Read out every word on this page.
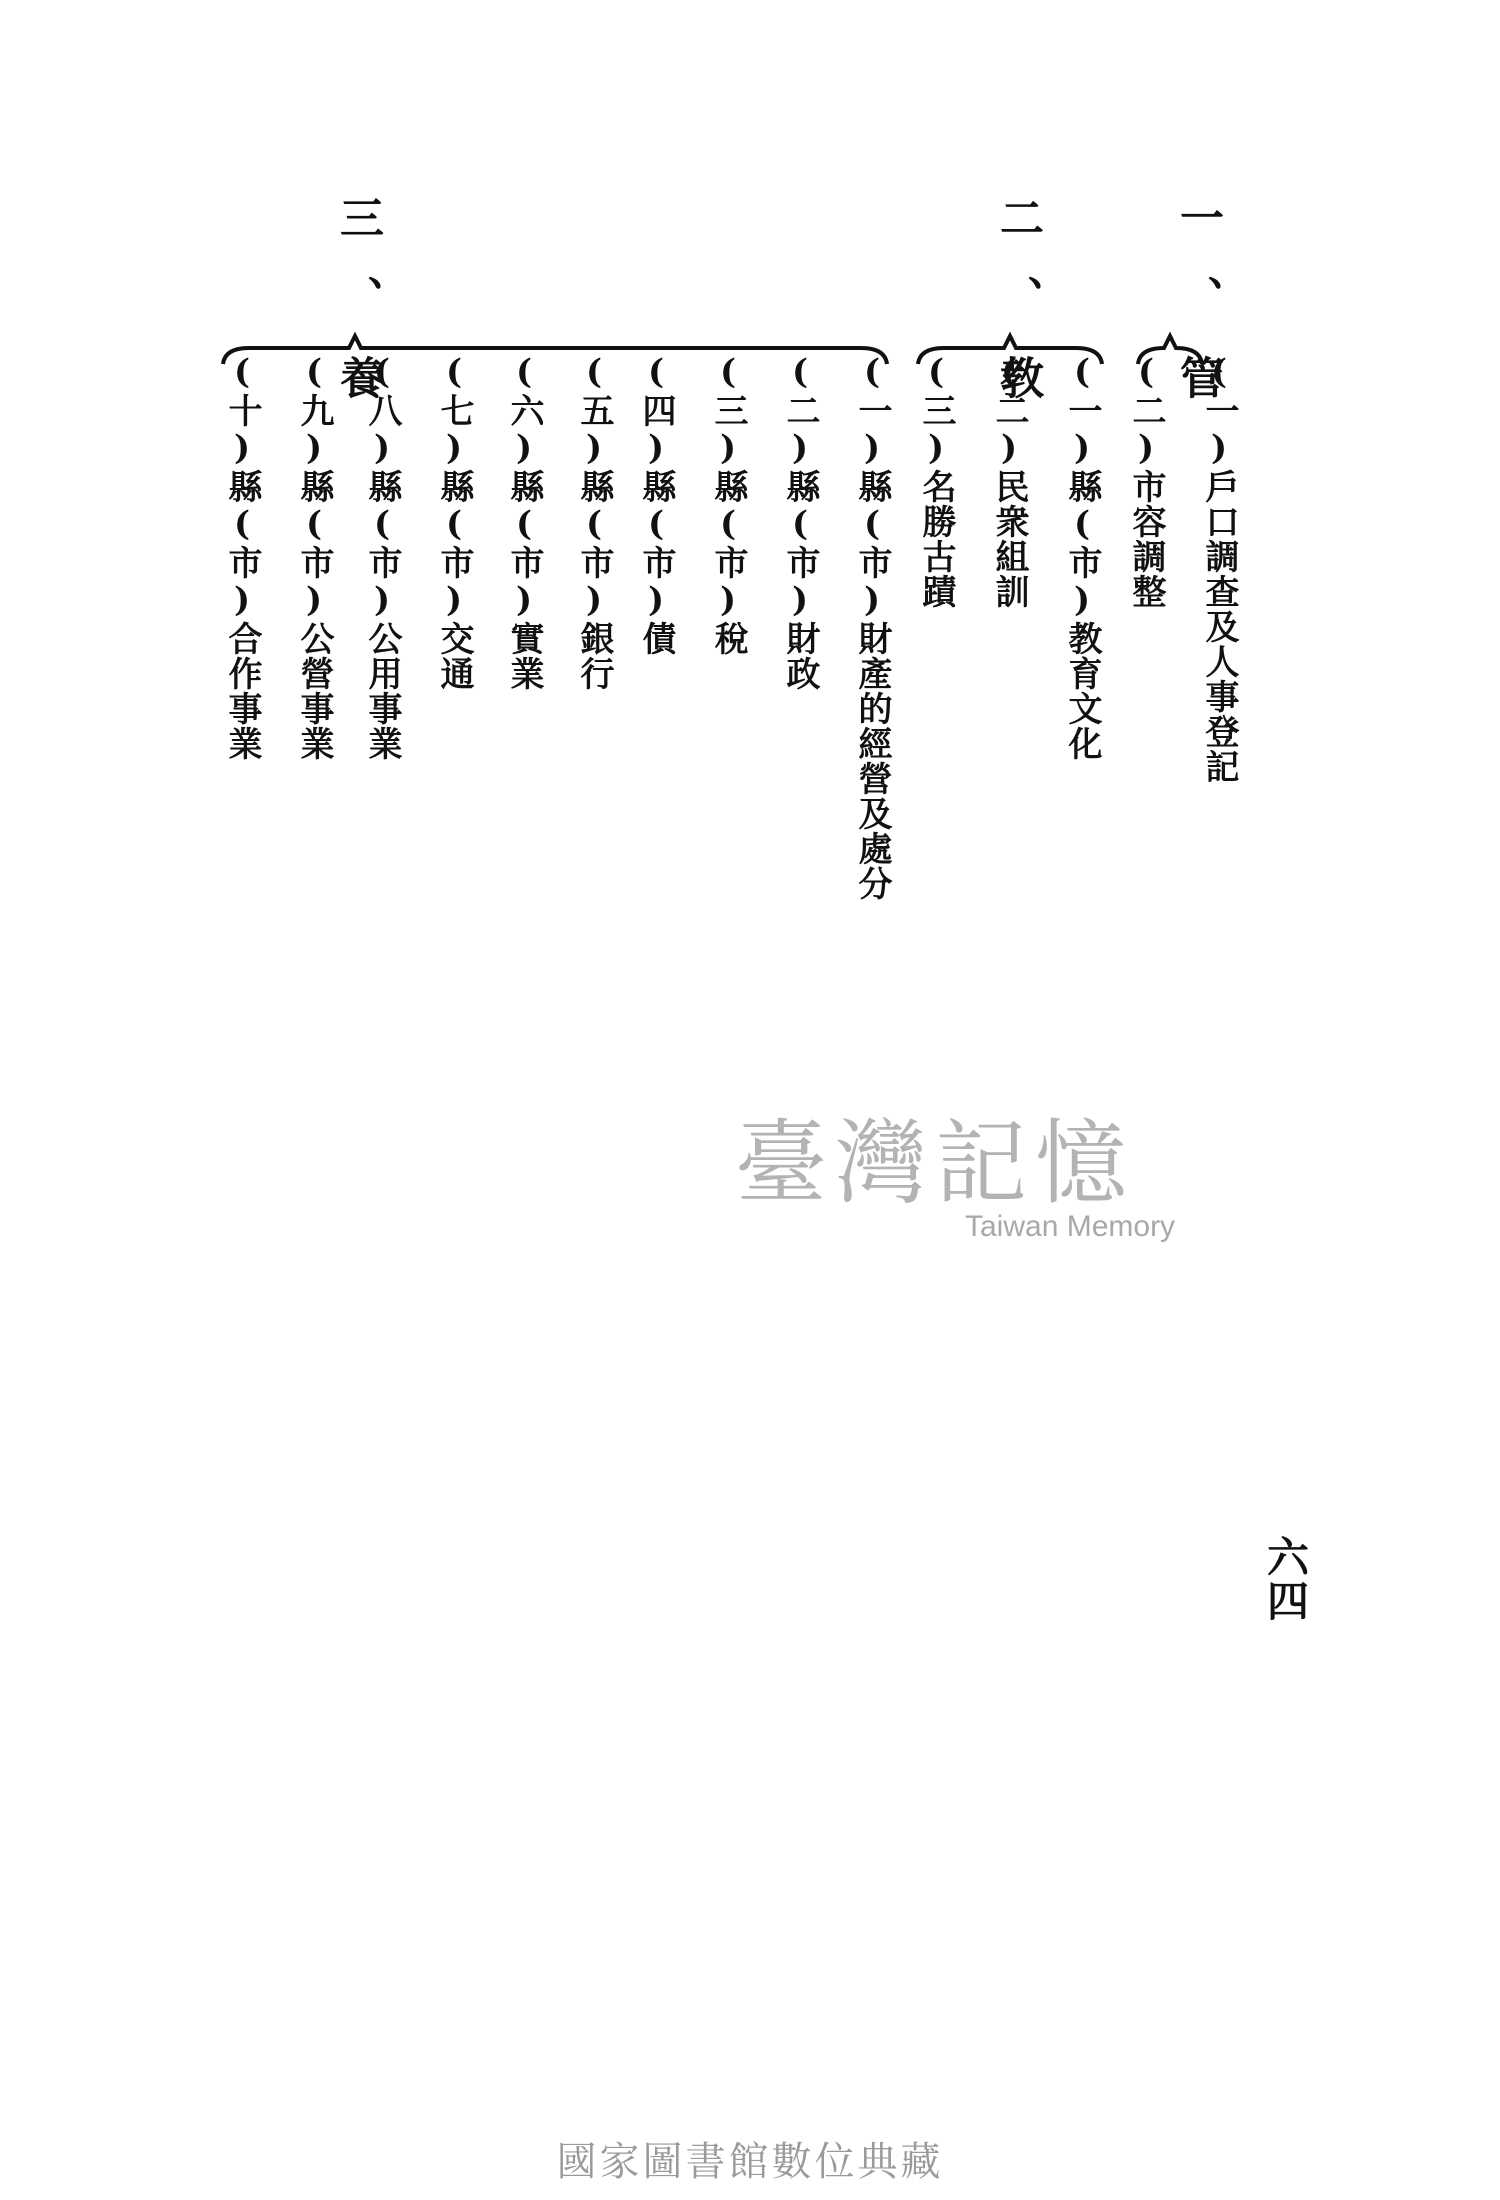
一、管
(一)戶口調查及人事登記
(二)市容調整
二、教
(一)縣(市)教育文化
(二)民衆組訓
(三)名勝古蹟
三、養
(一)縣(市)財產的經營及處分
(二)縣(市)財政
(三)縣(市)稅
(四)縣(市)債
(五)縣(市)銀行
(六)縣(市)實業
(七)縣(市)交通
(八)縣(市)公用事業
(九)縣(市)公營事業
(十)縣(市)合作事業
六四
臺灣記憶
Taiwan Memory
國家圖書館數位典藏
